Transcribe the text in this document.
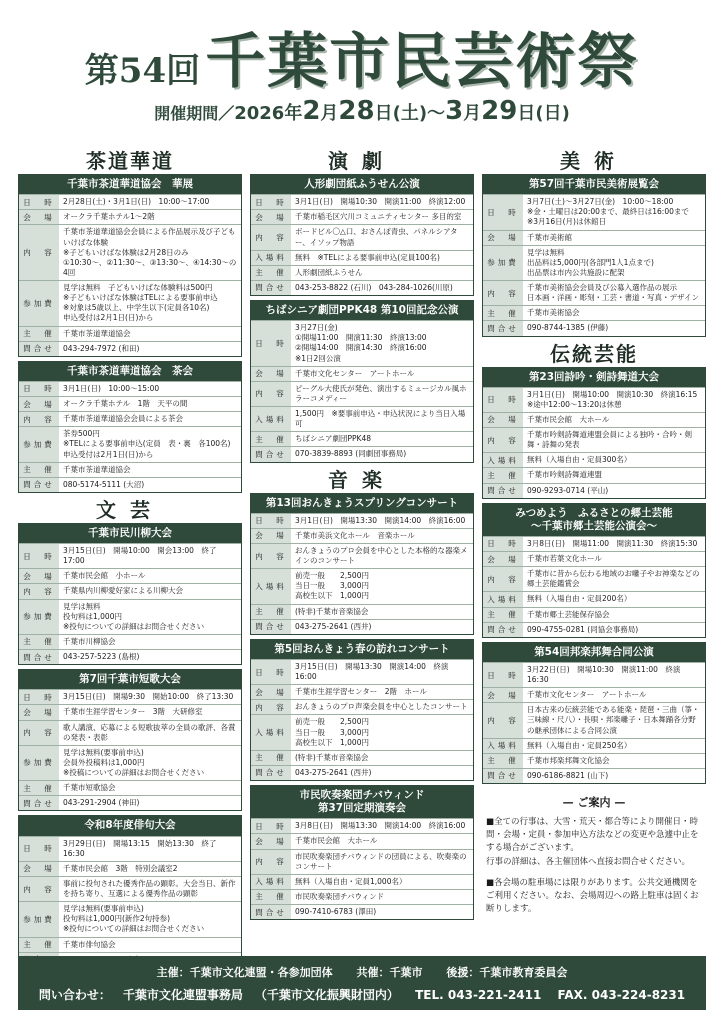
第54回 千葉市民芸術祭
開催期間／2026年2月28日(土)〜3月29日(日)
茶道華道
千葉市茶道華道協会　華展
日　時	2月28日(土)・3月1日(日)　10:00〜17:00
会　場	オークラ千葉ホテル1〜2階
内　容
千葉市茶道華道協会会員による作品展示及び子どもいけばな体験
※子どもいけばな体験は2月28日のみ
①10:30〜、②11:30〜、③13:30〜、④14:30〜の4回
参加費
見学は無料　子どもいけばな体験料は500円
※子どもいけばな体験はTELによる要事前申込
※対象は5歳以上、中学生以下(定員各10名)
申込受付は2月1日(日)から
主　催	千葉市茶道華道協会
問合せ	043-294-7972 (和田)
千葉市茶道華道協会　茶会
日　時	3月1日(日)　10:00〜15:00
会　場	オークラ千葉ホテル　1階　天平の間
内　容	千葉市茶道華道協会会員による茶会
参加費
茶券500円
※TELによる要事前申込(定員　表・裏　各100名)
申込受付は2月1日(日)から
主　催	千葉市茶道華道協会
問合せ	080-5174-5111 (大沼)
文芸
千葉市民川柳大会
日　時
3月15日(日)　開場10:00　開会13:00　終了17:00
会　場	千葉市民会館　小ホール
内　容	千葉県内川柳愛好家による川柳大会
参加費
見学は無料
投句料は1,000円
※投句についての詳細はお問合せください
主　催	千葉市川柳協会
問合せ	043-257-5223 (島根)
第7回千葉市短歌大会
日　時	3月15日(日)　開場9:30　開始10:00　終了13:30
会　場	千葉市生涯学習センター　3階　大研修室
内　容
歌人講演、応募による短歌抜萃の全員の歌評、各賞の発表・表彰
参加費
見学は無料(要事前申込)
会員外投稿料は1,000円
※投稿についての詳細はお問合せください
主　催	千葉市短歌協会
問合せ	043-291-2904 (神田)
令和8年度俳句大会
日　時
3月29日(日)　開場13:15　開始13:30　終了16:30
会　場	千葉市民会館　3階　特別会議室2
内　容
事前に投句された優秀作品の顕彰。大会当日、新作を持ち寄り、互選による優秀作品の顕彰
参加費
見学は無料(要事前申込)
投句料は1,000円(新作2句持参)
※投句についての詳細はお問合せください
主　催	千葉市俳句協会
演劇
人形劇団紙ふうせん公演
日　時	3月1日(日)　開場10:30　開演11:00　終演12:00
会　場	千葉市稲毛区穴川コミュニティセンター 多目的室
内　容
ボードビル〇△口、おさんぽ青虫、パネルシアター、イソップ物語
入場料	無料　※TELによる要事前申込(定員100名)
主　催	人形劇団紙ふうせん
問合せ	043-253-8822 (石川)　043-284-1026(川原)
ちばシニア劇団PPK48 第10回記念公演
日　時
3月27日(金)
①開場11:00　開演11:30　終演13:00
②開場14:00　開演14:30　終演16:00
※1日2回公演
会　場	千葉市文化センター　アートホール
内　容
ピーグル大使氏が発色、演出するミュージカル風ホラーコメディー
入場料
1,500円　※要事前申込・申込状況により当日入場可
主　催	ちばシニア劇団PPK48
問合せ	070-3839-8893 (同劇団事務局)
音楽
第13回おんきょうスプリングコンサート
日　時	3月1日(日)　開場13:30　開演14:00　終演16:00
会　場	千葉市美浜文化ホール　音楽ホール
内　容
おんきょうのプロ会員を中心とした本格的な器楽メインのコンサート
入場料
前売一般　　2,500円
当日一般　　3,000円
高校生以下　1,000円
主　催	(特非)千葉市音楽協会
問合せ	043-275-2641 (西井)
第5回おんきょう春の訪れコンサート
日　時
3月15日(日)　開場13:30　開演14:00　終演16:00
会　場	千葉市生涯学習センター　2階　ホール
内　容	おんきょうのプロ声楽会員を中心としたコンサート
入場料
前売一般　　2,500円
当日一般　　3,000円
高校生以下　1,000円
主　催	(特非)千葉市音楽協会
問合せ	043-275-2641 (西井)
市民吹奏楽団チバウィンド
第37回定期演奏会
日　時	3月8日(日)　開場13:30　開演14:00　終演16:00
会　場	千葉市民会館　大ホール
内　容
市民吹奏楽団チバウィンドの団員による、吹奏楽のコンサート
入場料	無料（入場自由・定員1,000名）
主　催	市民吹奏楽団チバウィンド
問合せ	090-7410-6783 (澤田)
美術
第57回千葉市民美術展覧会
日　時
3月7日(土)〜3月27日(金)　10:00〜18:00
※金・土曜日は20:00まで、最終日は16:00まで
※3月16日(月)は休館日
会　場	千葉市美術館
参加費
見学は無料
出品料は5,000円(各部門1人1点まで)
出品票は市内公共施設に配架
内　容
千葉市美術協会会員及び公募入選作品の展示
日本画・洋画・彫刻・工芸・書道・写真・デザイン
主　催	千葉市美術協会
問合せ	090-8744-1385 (伊藤)
伝統芸能
第23回詩吟・剣詩舞道大会
日　時
3月1日(日)　開場10:00　開演10:30　終演16:15
※途中12:00〜13:20は休憩
会　場	千葉市民会館　大ホール
内　容
千葉市吟剣詩舞道連盟会員による独吟・合吟・剣舞・詩舞の発表
入場料	無料（入場自由・定員300名）
主　催	千葉市吟剣詩舞道連盟
問合せ	090-9293-0714 (平山)
みつめよう　ふるさとの郷土芸能
〜千葉市郷土芸能公演会〜
日　時	3月8日(日)　開場11:00　開演11:30　終演15:30
会　場	千葉市若葉文化ホール
内　容
千葉市に昔から伝わる地域のお囃子やお神楽などの郷土芸能鑑賞会
入場料	無料（入場自由・定員200名）
主　催	千葉市郷土芸能保存協会
問合せ	090-4755-0281 (同協会事務局)
第54回邦楽邦舞合同公演
日　時
3月22日(日)　開場10:30　開演11:00　終演16:30
会　場	千葉市文化センター　アートホール
内　容
日本古来の伝統芸能である能楽・琵琶・三曲（箏・三味線・尺八）・長唄・邦楽囃子・日本舞踊各分野の継承団体による合同公演
入場料	無料（入場自由・定員250名）
主　催	千葉市邦楽邦舞文化協会
問合せ	090-6186-8821 (山下)
— ご案内 —

■全ての行事は、大雪・荒天・都合等により開催日・時間・会場・定員・参加申込方法などの変更や急遽中止をする場合がございます。
行事の詳細は、各主催団体へ直接お問合せください。

■各会場の駐車場には限りがあります。公共交通機関をご利用ください。なお、会場周辺への路上駐車は固くお断りします。

主催：千葉市文化連盟・各参加団体 共催：千葉市 後援：千葉市教育委員会
問い合わせ： 千葉市文化連盟事務局 （千葉市文化振興財団内） TEL. 043-221-2411 FAX. 043-224-8231
